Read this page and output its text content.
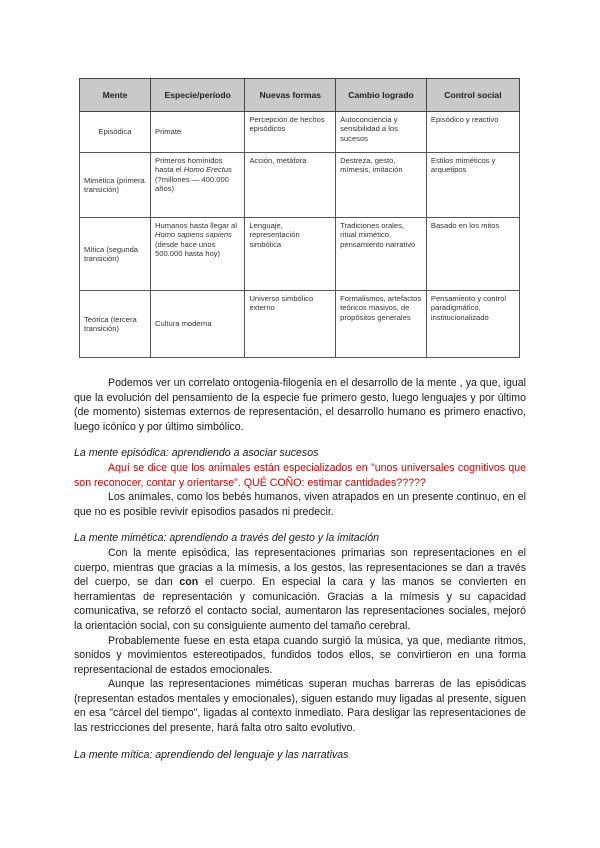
Mente	Especie/período	Nuevas formas	Cambio logrado	Control social
Episódica	Primate	Percepción de hechos episódicos	Autoconciencia y sensibilidad a los sucesos	Episódico y reactivo
Mimética (primera transición)	Primeros homínidos hasta el Homo Erectus (?millones — 400.000 años)	Acción, metáfora	Destreza, gesto, mímesis, imitación	Estilos miméticos y arquetipos
Mítica (segunda transición)	Humanos hasta llegar al Homo sapiens sapiens (desde hace unos 500.000 hasta hoy)	Lenguaje, representación simbólica	Tradiciones orales, ritual mimético, pensamiento narrativo	Basado en los mitos
Teórica (tercera transición)	Cultura moderna	Universo simbólico externo	Formalismos, artefactos teóricos masivos, de propósitos generales	Pensamiento y control paradigmático, institucionalizado

Podemos ver un correlato ontogenia-filogenia en el desarrollo de la mente , ya que, igual que la evolución del pensamiento de la especie fue primero gesto, luego lenguajes y por último (de momento) sistemas externos de representación, el desarrollo humano es primero enactivo, luego icónico y por último simbólico.

La mente episódica: aprendiendo a asociar sucesos

Aquí se dice que los animales están especializados en "unos universales cognitivos que son reconocer, contar y orientarse". QUÉ COÑO: estimar cantidades?????

Los animales, como los bebés humanos, viven atrapados en un presente continuo, en el que no es posible revivir episodios pasados ni predecir.

La mente mimética: aprendiendo a través del gesto y la imitación

Con la mente episódica, las representaciones primarias son representaciones en el cuerpo, mientras que gracias a la mímesis, a los gestos, las representaciones se dan a través del cuerpo, se dan con el cuerpo. En especial la cara y las manos se convierten en herramientas de representación y comunicación. Gracias a la mímesis y su capacidad comunicativa, se reforzó el contacto social, aumentaron las representaciones sociales, mejoró la orientación social, con su consiguiente aumento del tamaño cerebral.

Probablemente fuese en esta etapa cuando surgió la música, ya que, mediante ritmos, sonidos y movimientos estereotipados, fundidos todos ellos, se convirtieron en una forma representacional de estados emocionales.

Aunque las representaciones miméticas superan muchas barreras de las episódicas (representan estados mentales y emocionales), siguen estando muy ligadas al presente, siguen en esa "cárcel del tiempo", ligadas al contexto inmediato. Para desligar las representaciones de las restricciones del presente, hará falta otro salto evolutivo.

La mente mítica: aprendiendo del lenguaje y las narrativas
